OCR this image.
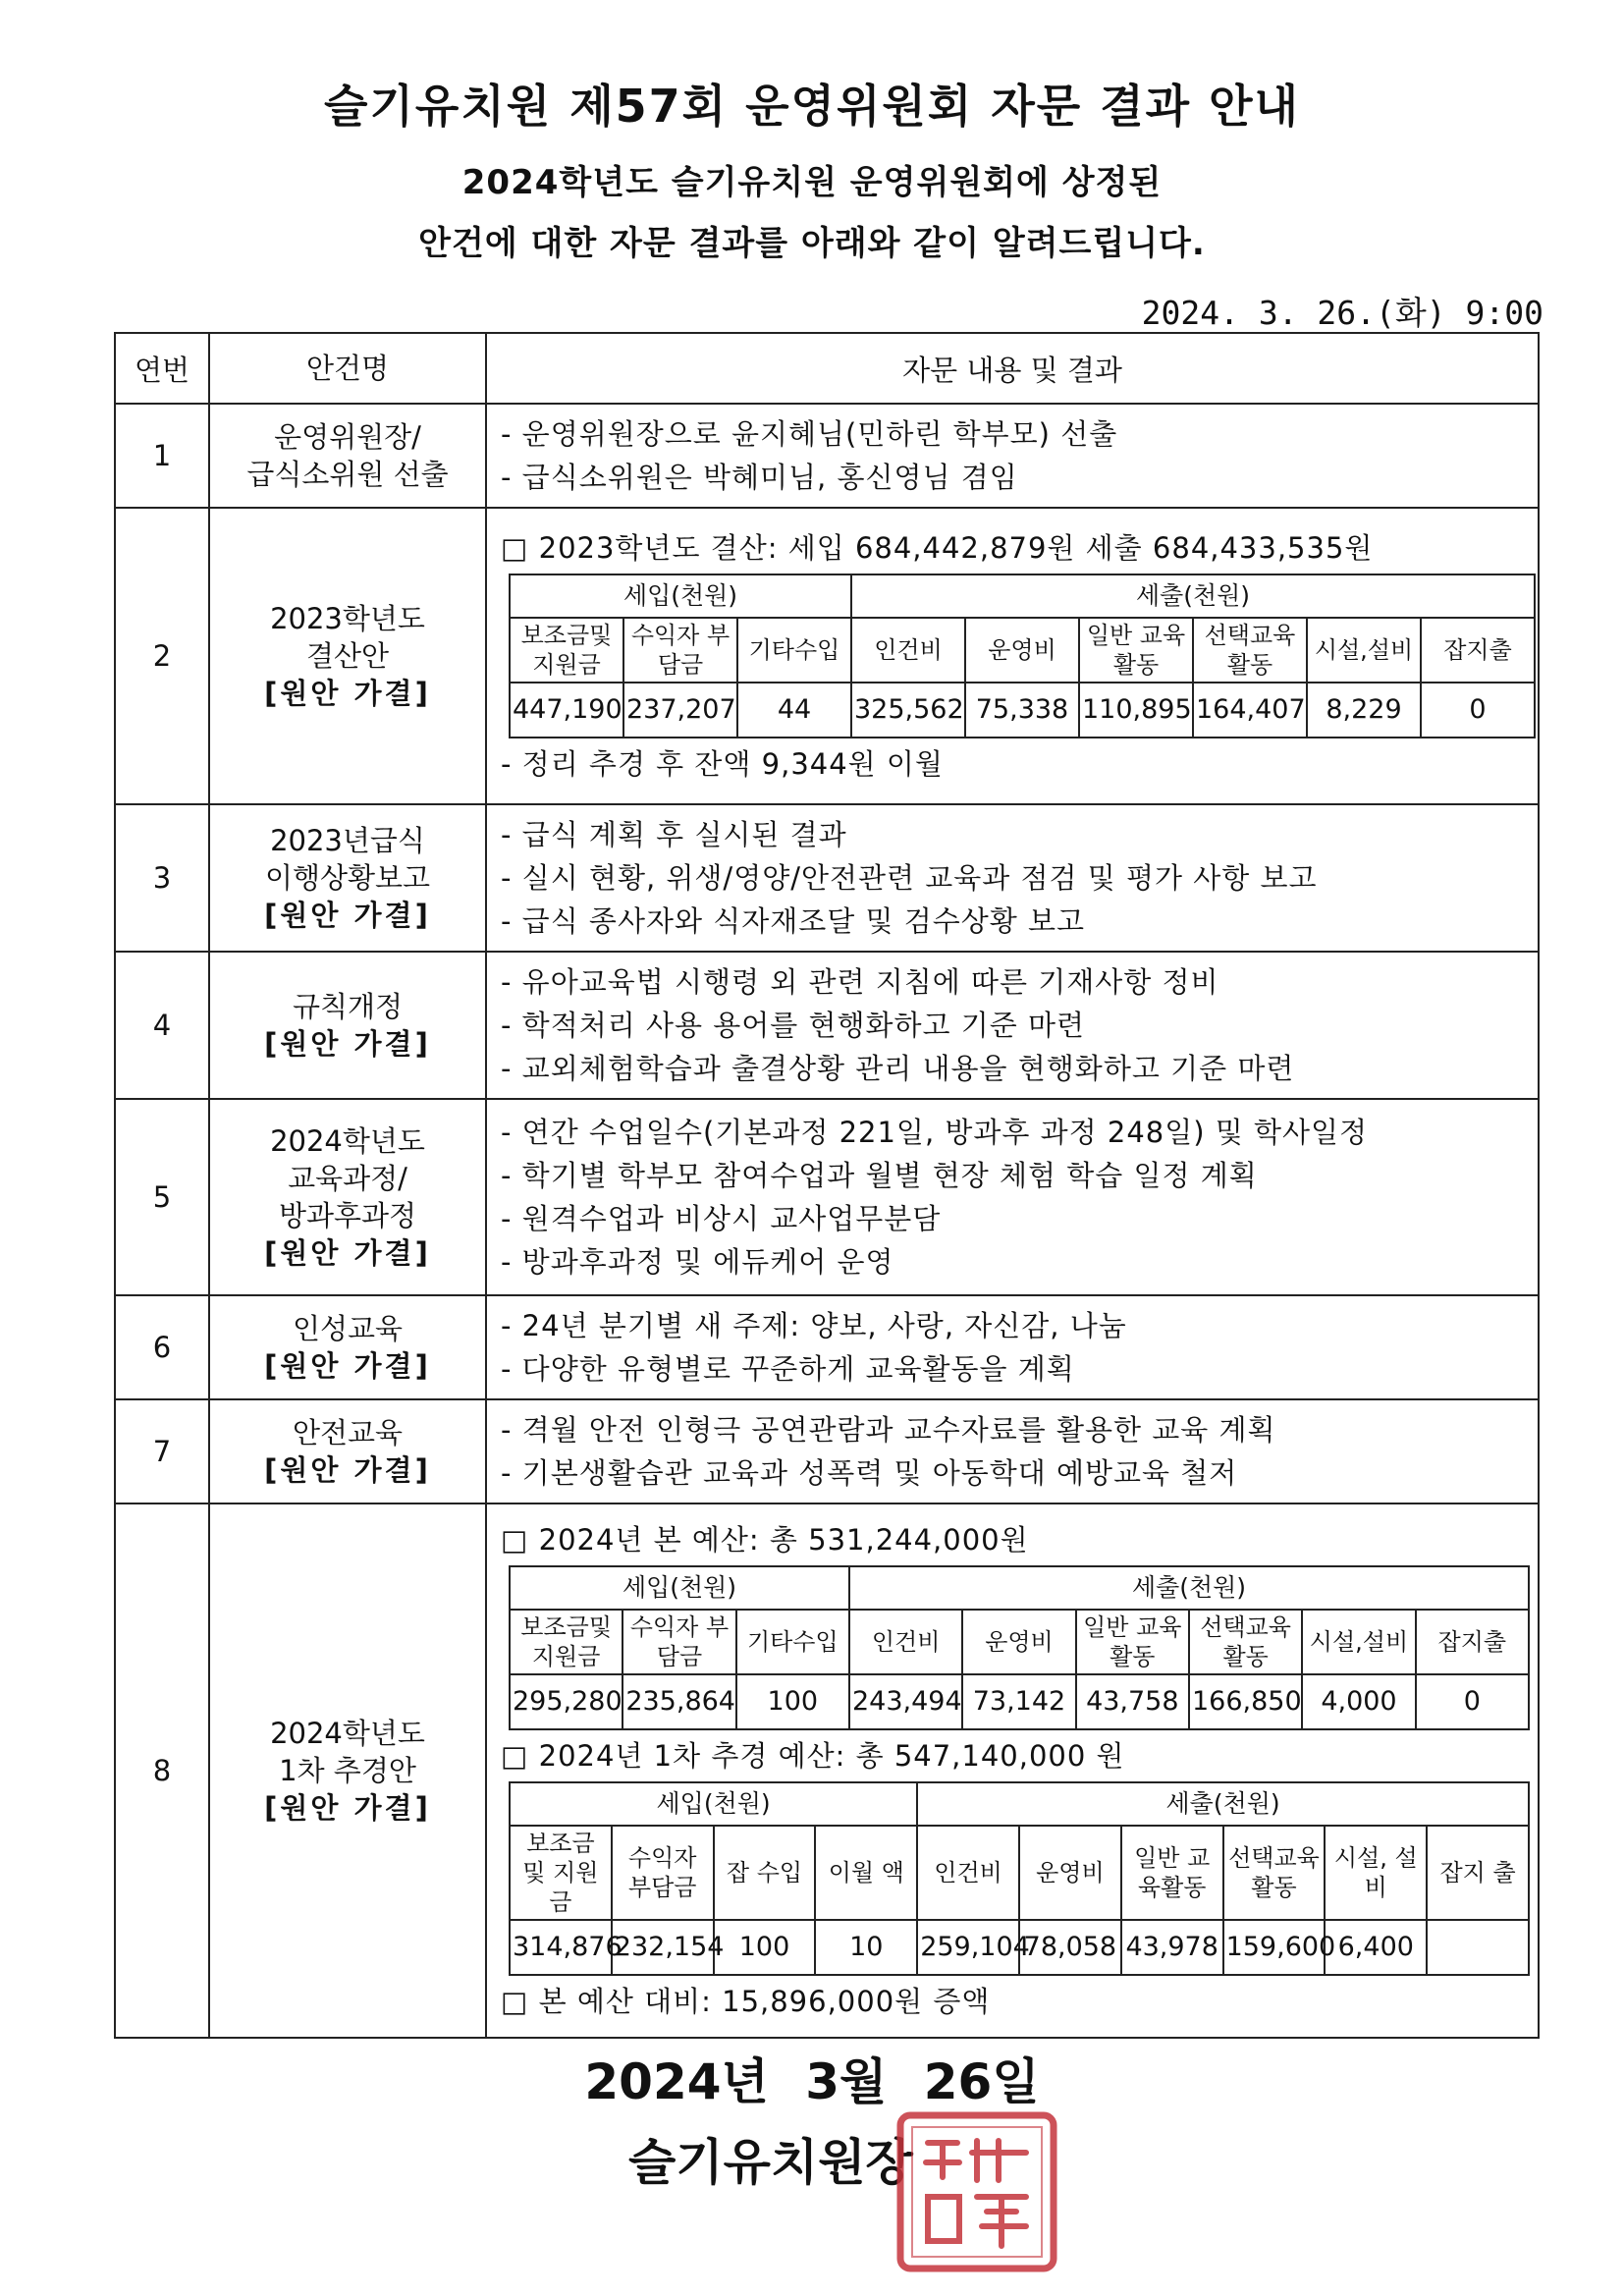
슬기유치원 제57회 운영위원회 자문 결과 안내
2024학년도 슬기유치원 운영위원회에 상정된
안건에 대한 자문 결과를 아래와 같이 알려드립니다.
2024. 3. 26.(화) 9:00
연번	안건명	자문 내용 및 결과
1	
운영위원장/
급식소위원 선출

- 운영위원장으로 윤지혜님(민하린 학부모) 선출
- 급식소위원은 박혜미님, 홍신영님 겸임

2	
2023학년도
결산안
[원안 가결]

□ 2023학년도 결산: 세입 684,442,879원 세출 684,433,535원
세입(천원)	세출(천원)
보조금및 지원금	수익자 부담금	기타수입	인건비	운영비	일반 교육활동	선택교육 활동	시설,설비	잡지출
447,190	237,207	44	325,562	75,338	110,895	164,407	8,229	0
- 정리 추경 후 잔액 9,344원 이월

3	
2023년급식
이행상황보고
[원안 가결]

- 급식 계획 후 실시된 결과
- 실시 현황, 위생/영양/안전관련 교육과 점검 및 평가 사항 보고
- 급식 종사자와 식자재조달 및 검수상황 보고

4	
규칙개정
[원안 가결]

- 유아교육법 시행령 외 관련 지침에 따른 기재사항 정비
- 학적처리 사용 용어를 현행화하고 기준 마련
- 교외체험학습과 출결상황 관리 내용을 현행화하고 기준 마련

5	
2024학년도
교육과정/
방과후과정
[원안 가결]

- 연간 수업일수(기본과정 221일, 방과후 과정 248일) 및 학사일정
- 학기별 학부모 참여수업과 월별 현장 체험 학습 일정 계획
- 원격수업과 비상시 교사업무분담
- 방과후과정 및 에듀케어 운영

6	
인성교육
[원안 가결]

- 24년 분기별 새 주제: 양보, 사랑, 자신감, 나눔
- 다양한 유형별로 꾸준하게 교육활동을 계획

7	
안전교육
[원안 가결]

- 격월 안전 인형극 공연관람과 교수자료를 활용한 교육 계획
- 기본생활습관 교육과 성폭력 및 아동학대 예방교육 철저

8	
2024학년도
1차 추경안
[원안 가결]

□ 2024년 본 예산: 총 531,244,000원
세입(천원)	세출(천원)
보조금및 지원금	수익자 부담금	기타수입	인건비	운영비	일반 교육활동	선택교육 활동	시설,설비	잡지출
295,280	235,864	100	243,494	73,142	43,758	166,850	4,000	0
□ 2024년 1차 추경 예산: 총 547,140,000 원
세입(천원)	세출(천원)
보조금 및 지원금	수익자 부담금	잡 수입	이월 액	인건비	운영비	일반 교육활동	선택교육 활동	시설, 설비	잡지 출
314,876	232,154	100	10	259,104	78,058	43,978	159,600	6,400	
□ 본 예산 대비: 15,896,000원 증액
2024년 3월 26일
슬기유치원장
